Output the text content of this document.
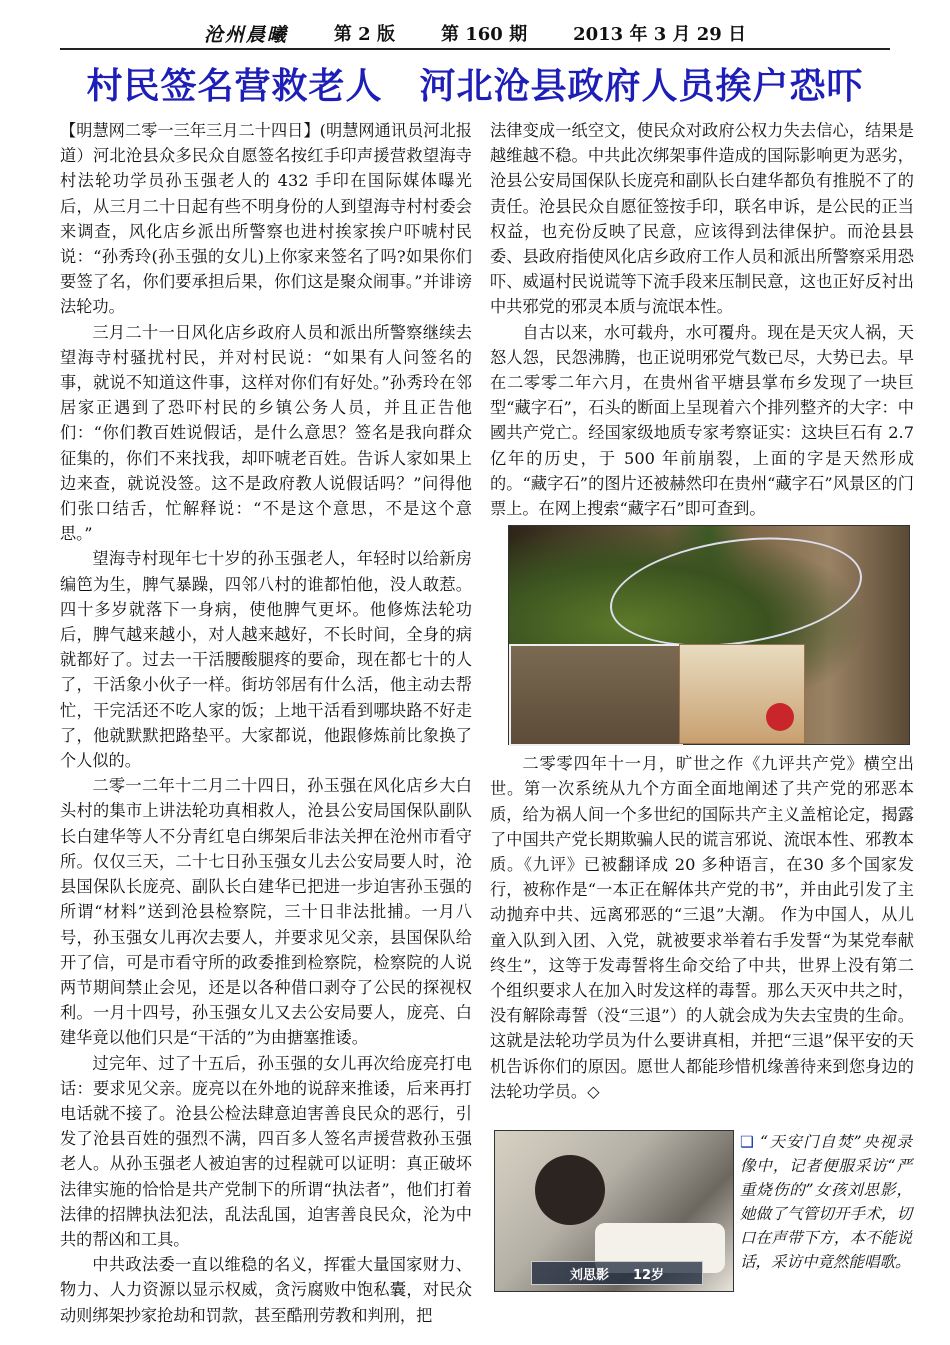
沧州晨曦	第 2 版	第 160 期	2013 年 3 月 29 日
村民签名营救老人　河北沧县政府人员挨户恐吓

【明慧网二零一三年三月二十四日】(明慧网通讯员河北报道）河北沧县众多民众自愿签名按红手印声援营救望海寺村法轮功学员孙玉强老人的 432 手印在国际媒体曝光后，从三月二十日起有些不明身份的人到望海寺村村委会来调查，风化店乡派出所警察也进村挨家挨户吓唬村民说：“孙秀玲(孙玉强的女儿)上你家来签名了吗?如果你们要签了名，你们要承担后果，你们这是聚众闹事。”并诽谤法轮功。

三月二十一日风化店乡政府人员和派出所警察继续去望海寺村骚扰村民，并对村民说：“如果有人问签名的事，就说不知道这件事，这样对你们有好处。”孙秀玲在邻居家正遇到了恐吓村民的乡镇公务人员，并且正告他们：“你们教百姓说假话，是什么意思？签名是我向群众征集的，你们不来找我，却吓唬老百姓。告诉人家如果上边来查，就说没签。这不是政府教人说假话吗？”问得他们张口结舌，忙解释说：“不是这个意思，不是这个意思。”

望海寺村现年七十岁的孙玉强老人，年轻时以给新房编笆为生，脾气暴躁，四邻八村的谁都怕他，没人敢惹。四十多岁就落下一身病，使他脾气更坏。他修炼法轮功后，脾气越来越小，对人越来越好，不长时间，全身的病就都好了。过去一干活腰酸腿疼的要命，现在都七十的人了，干活象小伙子一样。街坊邻居有什么活，他主动去帮忙，干完活还不吃人家的饭；上地干活看到哪块路不好走了，他就默默把路垫平。大家都说，他跟修炼前比象换了个人似的。

二零一二年十二月二十四日，孙玉强在风化店乡大白头村的集市上讲法轮功真相救人，沧县公安局国保队副队长白建华等人不分青红皂白绑架后非法关押在沧州市看守所。仅仅三天，二十七日孙玉强女儿去公安局要人时，沧县国保队长庞亮、副队长白建华已把进一步迫害孙玉强的所谓“材料”送到沧县检察院，三十日非法批捕。一月八号，孙玉强女儿再次去要人，并要求见父亲，县国保队给开了信，可是市看守所的政委推到检察院，检察院的人说两节期间禁止会见，还是以各种借口剥夺了公民的探视权利。一月十四号，孙玉强女儿又去公安局要人，庞亮、白建华竟以他们只是“干活的”为由搪塞推诿。

过完年、过了十五后，孙玉强的女儿再次给庞亮打电话：要求见父亲。庞亮以在外地的说辞来推诿，后来再打电话就不接了。沧县公检法肆意迫害善良民众的恶行，引发了沧县百姓的强烈不满，四百多人签名声援营救孙玉强老人。从孙玉强老人被迫害的过程就可以证明：真正破坏法律实施的恰恰是共产党制下的所谓“执法者”，他们打着法律的招牌执法犯法，乱法乱国，迫害善良民众，沦为中共的帮凶和工具。

中共政法委一直以维稳的名义，挥霍大量国家财力、物力、人力资源以显示权威，贪污腐败中饱私囊，对民众动则绑架抄家抢劫和罚款，甚至酷刑劳教和判刑，把

法律变成一纸空文，使民众对政府公权力失去信心，结果是越维越不稳。中共此次绑架事件造成的国际影响更为恶劣，沧县公安局国保队长庞亮和副队长白建华都负有推脱不了的责任。沧县民众自愿征签按手印，联名申诉，是公民的正当权益，也充份反映了民意，应该得到法律保护。而沧县县委、县政府指使风化店乡政府工作人员和派出所警察采用恐吓、威逼村民说谎等下流手段来压制民意，这也正好反衬出中共邪党的邪灵本质与流氓本性。

自古以来，水可载舟，水可覆舟。现在是天灾人祸，天怒人怨，民怨沸腾，也正说明邪党气数已尽，大势已去。早在二零零二年六月，在贵州省平塘县掌布乡发现了一块巨型“藏字石”，石头的断面上呈现着六个排列整齐的大字：中國共产党亡。经国家级地质专家考察证实：这块巨石有 2.7 亿年的历史，于 500 年前崩裂，上面的字是天然形成的。“藏字石”的图片还被赫然印在贵州“藏字石”风景区的门票上。在网上搜索“藏字石”即可查到。

二零零四年十一月，旷世之作《九评共产党》横空出世。第一次系统从九个方面全面地阐述了共产党的邪恶本质，给为祸人间一个多世纪的国际共产主义盖棺论定，揭露了中国共产党长期欺骗人民的谎言邪说、流氓本性、邪教本质。《九评》已被翻译成 20 多种语言，在30 多个国家发行，被称作是“一本正在解体共产党的书”，并由此引发了主动抛弃中共、远离邪恶的“三退”大潮。 作为中国人，从儿童入队到入团、入党，就被要求举着右手发誓“为某党奉献终生”，这等于发毒誓将生命交给了中共，世界上没有第二个组织要求人在加入时发这样的毒誓。那么天灭中共之时，没有解除毒誓（没“三退”）的人就会成为失去宝贵的生命。这就是法轮功学员为什么要讲真相，并把“三退”保平安的天机告诉你们的原因。愿世人都能珍惜机缘善待来到您身边的法轮功学员。◇

刘思影 12岁
❑ “天安门自焚”央视录像中，记者便服采访“严重烧伤的”女孩刘思影，她做了气管切开手术，切口在声带下方，本不能说话，采访中竟然能唱歌。
